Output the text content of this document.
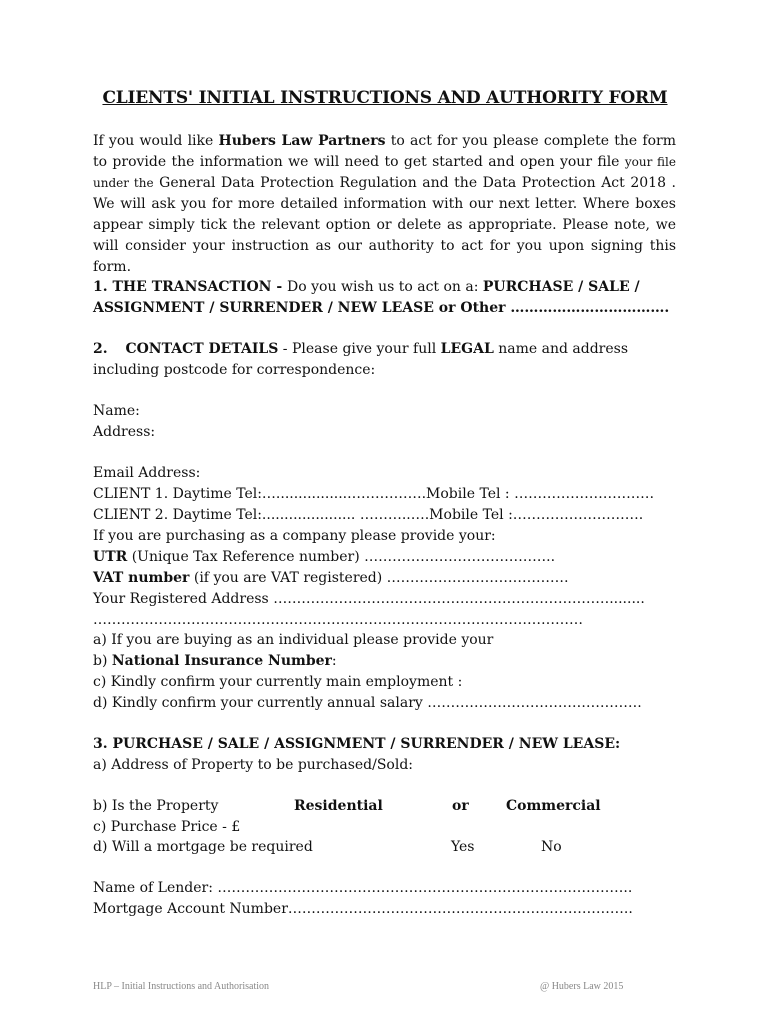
CLIENTS' INITIAL INSTRUCTIONS AND AUTHORITY FORM
If you would like Hubers Law Partners to act for you please complete the form to provide the information we will need to get started and open your file your file under the General Data Protection Regulation and the Data Protection Act 2018 . We will ask you for more detailed information with our next letter. Where boxes appear simply tick the relevant option or delete as appropriate. Please note, we will consider your instruction as our authority to act for you upon signing this form.
1. THE TRANSACTION - Do you wish us to act on a: PURCHASE / SALE /
ASSIGNMENT / SURRENDER / NEW LEASE or Other …………………………….
2. CONTACT DETAILS - Please give your full LEGAL name and address
including postcode for correspondence:
Name:
Address:
Email Address:
CLIENT 1. Daytime Tel:….................…………….Mobile Tel : …………………………
CLIENT 2. Daytime Tel:..................... ………..….Mobile Tel :……………………….
If you are purchasing as a company please provide your:
UTR (Unique Tax Reference number) …………………………………..
VAT number (if you are VAT registered) …………………………………
Your Registered Address ………………………………………………………………........
……………………………………………………………………………………………
a) If you are buying as an individual please provide your
b) National Insurance Number:
c) Kindly confirm your currently main employment :
d) Kindly confirm your currently annual salary ……………………………………….
3. PURCHASE / SALE / ASSIGNMENT / SURRENDER / NEW LEASE:
a) Address of Property to be purchased/Sold:
b) Is the Property	Residential	or	Commercial
c) Purchase Price - £
d) Will a mortgage be required	Yes	No
Name of Lender: ……………………………………………………………………………..
Mortgage Account Number………………………………………………………………..
HLP – Initial Instructions and Authorisation	@ Hubers Law 2015
